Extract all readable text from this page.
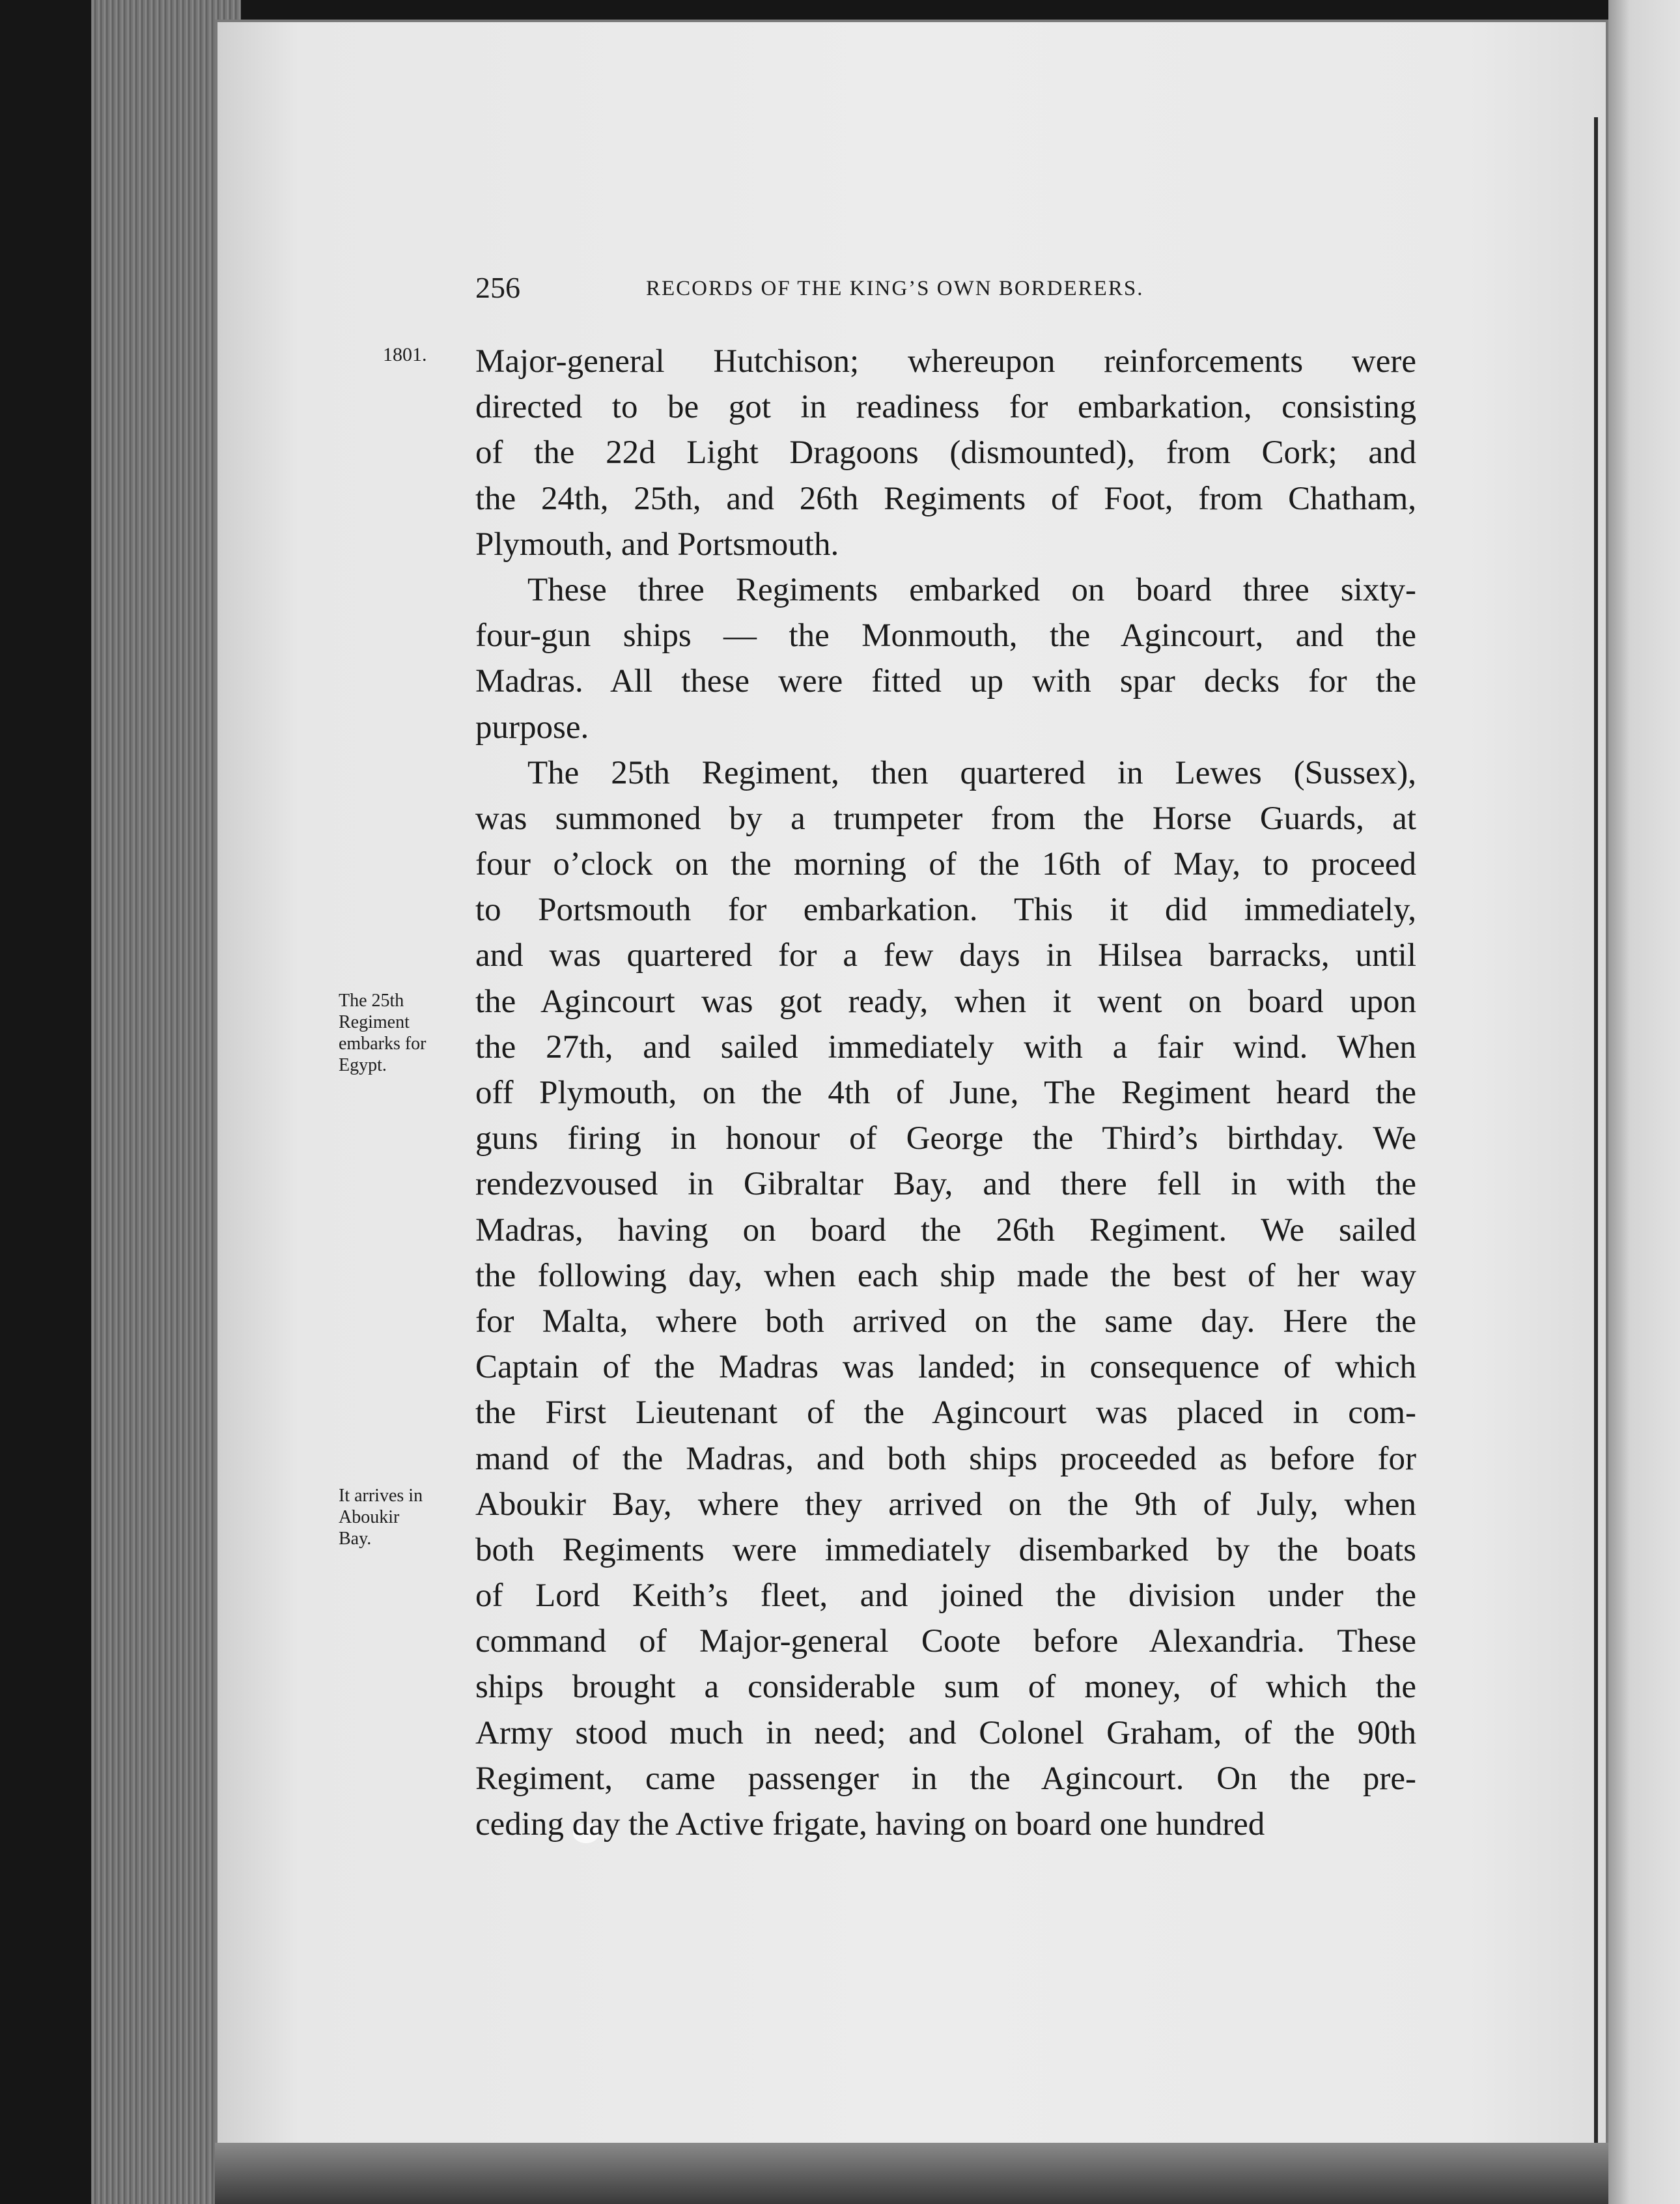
256	RECORDS OF THE KING’S OWN BORDERERS.
1801.
The 25th
Regiment
embarks for
Egypt.
It arrives in
Aboukir
Bay.
Major-general Hutchison; whereupon reinforcements were
directed to be got in readiness for embarkation, consisting
of the 22d Light Dragoons (dismounted), from Cork; and
the 24th, 25th, and 26th Regiments of Foot, from Chatham,
Plymouth, and Portsmouth.
These three Regiments embarked on board three sixty-
four-gun ships — the Monmouth, the Agincourt, and the
Madras. All these were fitted up with spar decks for the
purpose.
The 25th Regiment, then quartered in Lewes (Sussex),
was summoned by a trumpeter from the Horse Guards, at
four o’clock on the morning of the 16th of May, to proceed
to Portsmouth for embarkation. This it did immediately,
and was quartered for a few days in Hilsea barracks, until
the Agincourt was got ready, when it went on board upon
the 27th, and sailed immediately with a fair wind. When
off Plymouth, on the 4th of June, The Regiment heard the
guns firing in honour of George the Third’s birthday. We
rendezvoused in Gibraltar Bay, and there fell in with the
Madras, having on board the 26th Regiment. We sailed
the following day, when each ship made the best of her way
for Malta, where both arrived on the same day. Here the
Captain of the Madras was landed; in consequence of which
the First Lieutenant of the Agincourt was placed in com-
mand of the Madras, and both ships proceeded as before for
Aboukir Bay, where they arrived on the 9th of July, when
both Regiments were immediately disembarked by the boats
of Lord Keith’s fleet, and joined the division under the
command of Major-general Coote before Alexandria. These
ships brought a considerable sum of money, of which the
Army stood much in need; and Colonel Graham, of the 90th
Regiment, came passenger in the Agincourt. On the pre-
ceding day the Active frigate, having on board one hundred
